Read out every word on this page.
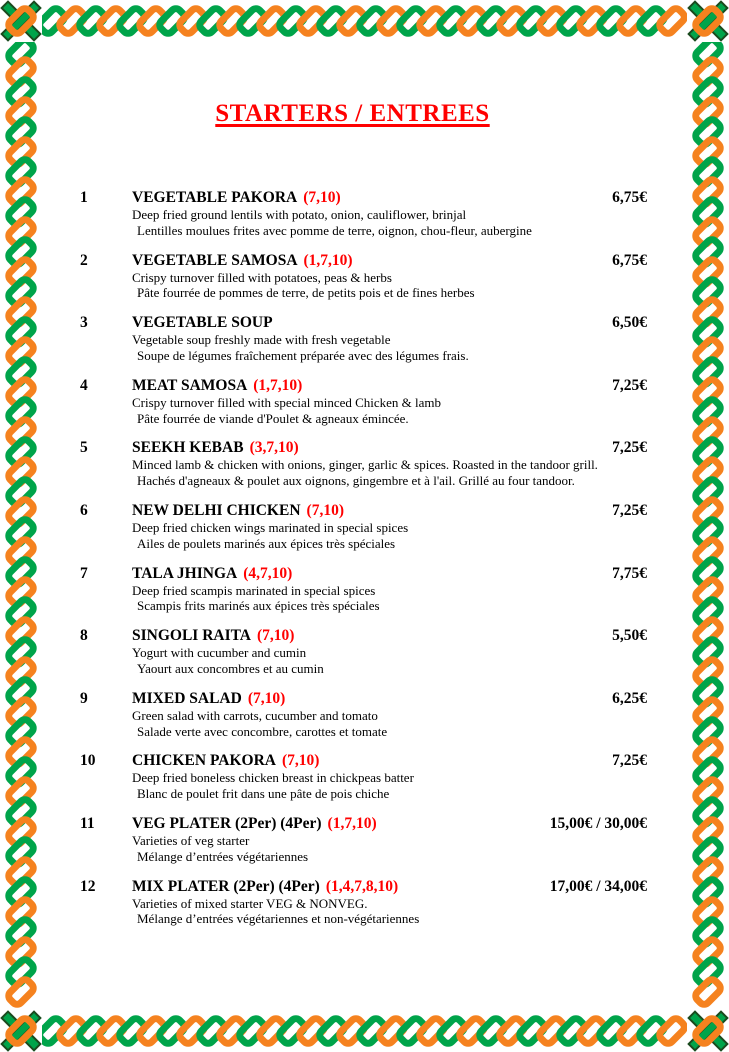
STARTERS / ENTREES
1	VEGETABLE PAKORA (7,10)	6,75€
Deep fried ground lentils with potato, onion, cauliflower, brinjal
Lentilles moulues frites avec pomme de terre, oignon, chou-fleur, aubergine
2	VEGETABLE SAMOSA (1,7,10)	6,75€
Crispy turnover filled with potatoes, peas & herbs
Pâte fourrée de pommes de terre, de petits pois et de fines herbes
3	VEGETABLE SOUP	6,50€
Vegetable soup freshly made with fresh vegetable
Soupe de légumes fraîchement préparée avec des légumes frais.
4	MEAT SAMOSA (1,7,10)	7,25€
Crispy turnover filled with special minced Chicken & lamb
Pâte fourrée de viande d'Poulet & agneaux émincée.
5	SEEKH KEBAB (3,7,10)	7,25€
Minced lamb & chicken with onions, ginger, garlic & spices. Roasted in the tandoor grill.
Hachés d'agneaux & poulet aux oignons, gingembre et à l'ail. Grillé au four tandoor.
6	NEW DELHI CHICKEN (7,10)	7,25€
Deep fried chicken wings marinated in special spices
Ailes de poulets marinés aux épices très spéciales
7	TALA JHINGA (4,7,10)	7,75€
Deep fried scampis marinated in special spices
Scampis frits marinés aux épices très spéciales
8	SINGOLI RAITA (7,10)	5,50€
Yogurt with cucumber and cumin
Yaourt aux concombres et au cumin
9	MIXED SALAD (7,10)	6,25€
Green salad with carrots, cucumber and tomato
Salade verte avec concombre, carottes et tomate
10	CHICKEN PAKORA (7,10)	7,25€
Deep fried boneless chicken breast in chickpeas batter
Blanc de poulet frit dans une pâte de pois chiche
11	VEG PLATER (2Per) (4Per) (1,7,10)	15,00€ / 30,00€
Varieties of veg starter
Mélange d’entrées végétariennes
12	MIX PLATER (2Per) (4Per) (1,4,7,8,10)	17,00€ / 34,00€
Varieties of mixed starter VEG & NONVEG.
Mélange d’entrées végétariennes et non-végétariennes
